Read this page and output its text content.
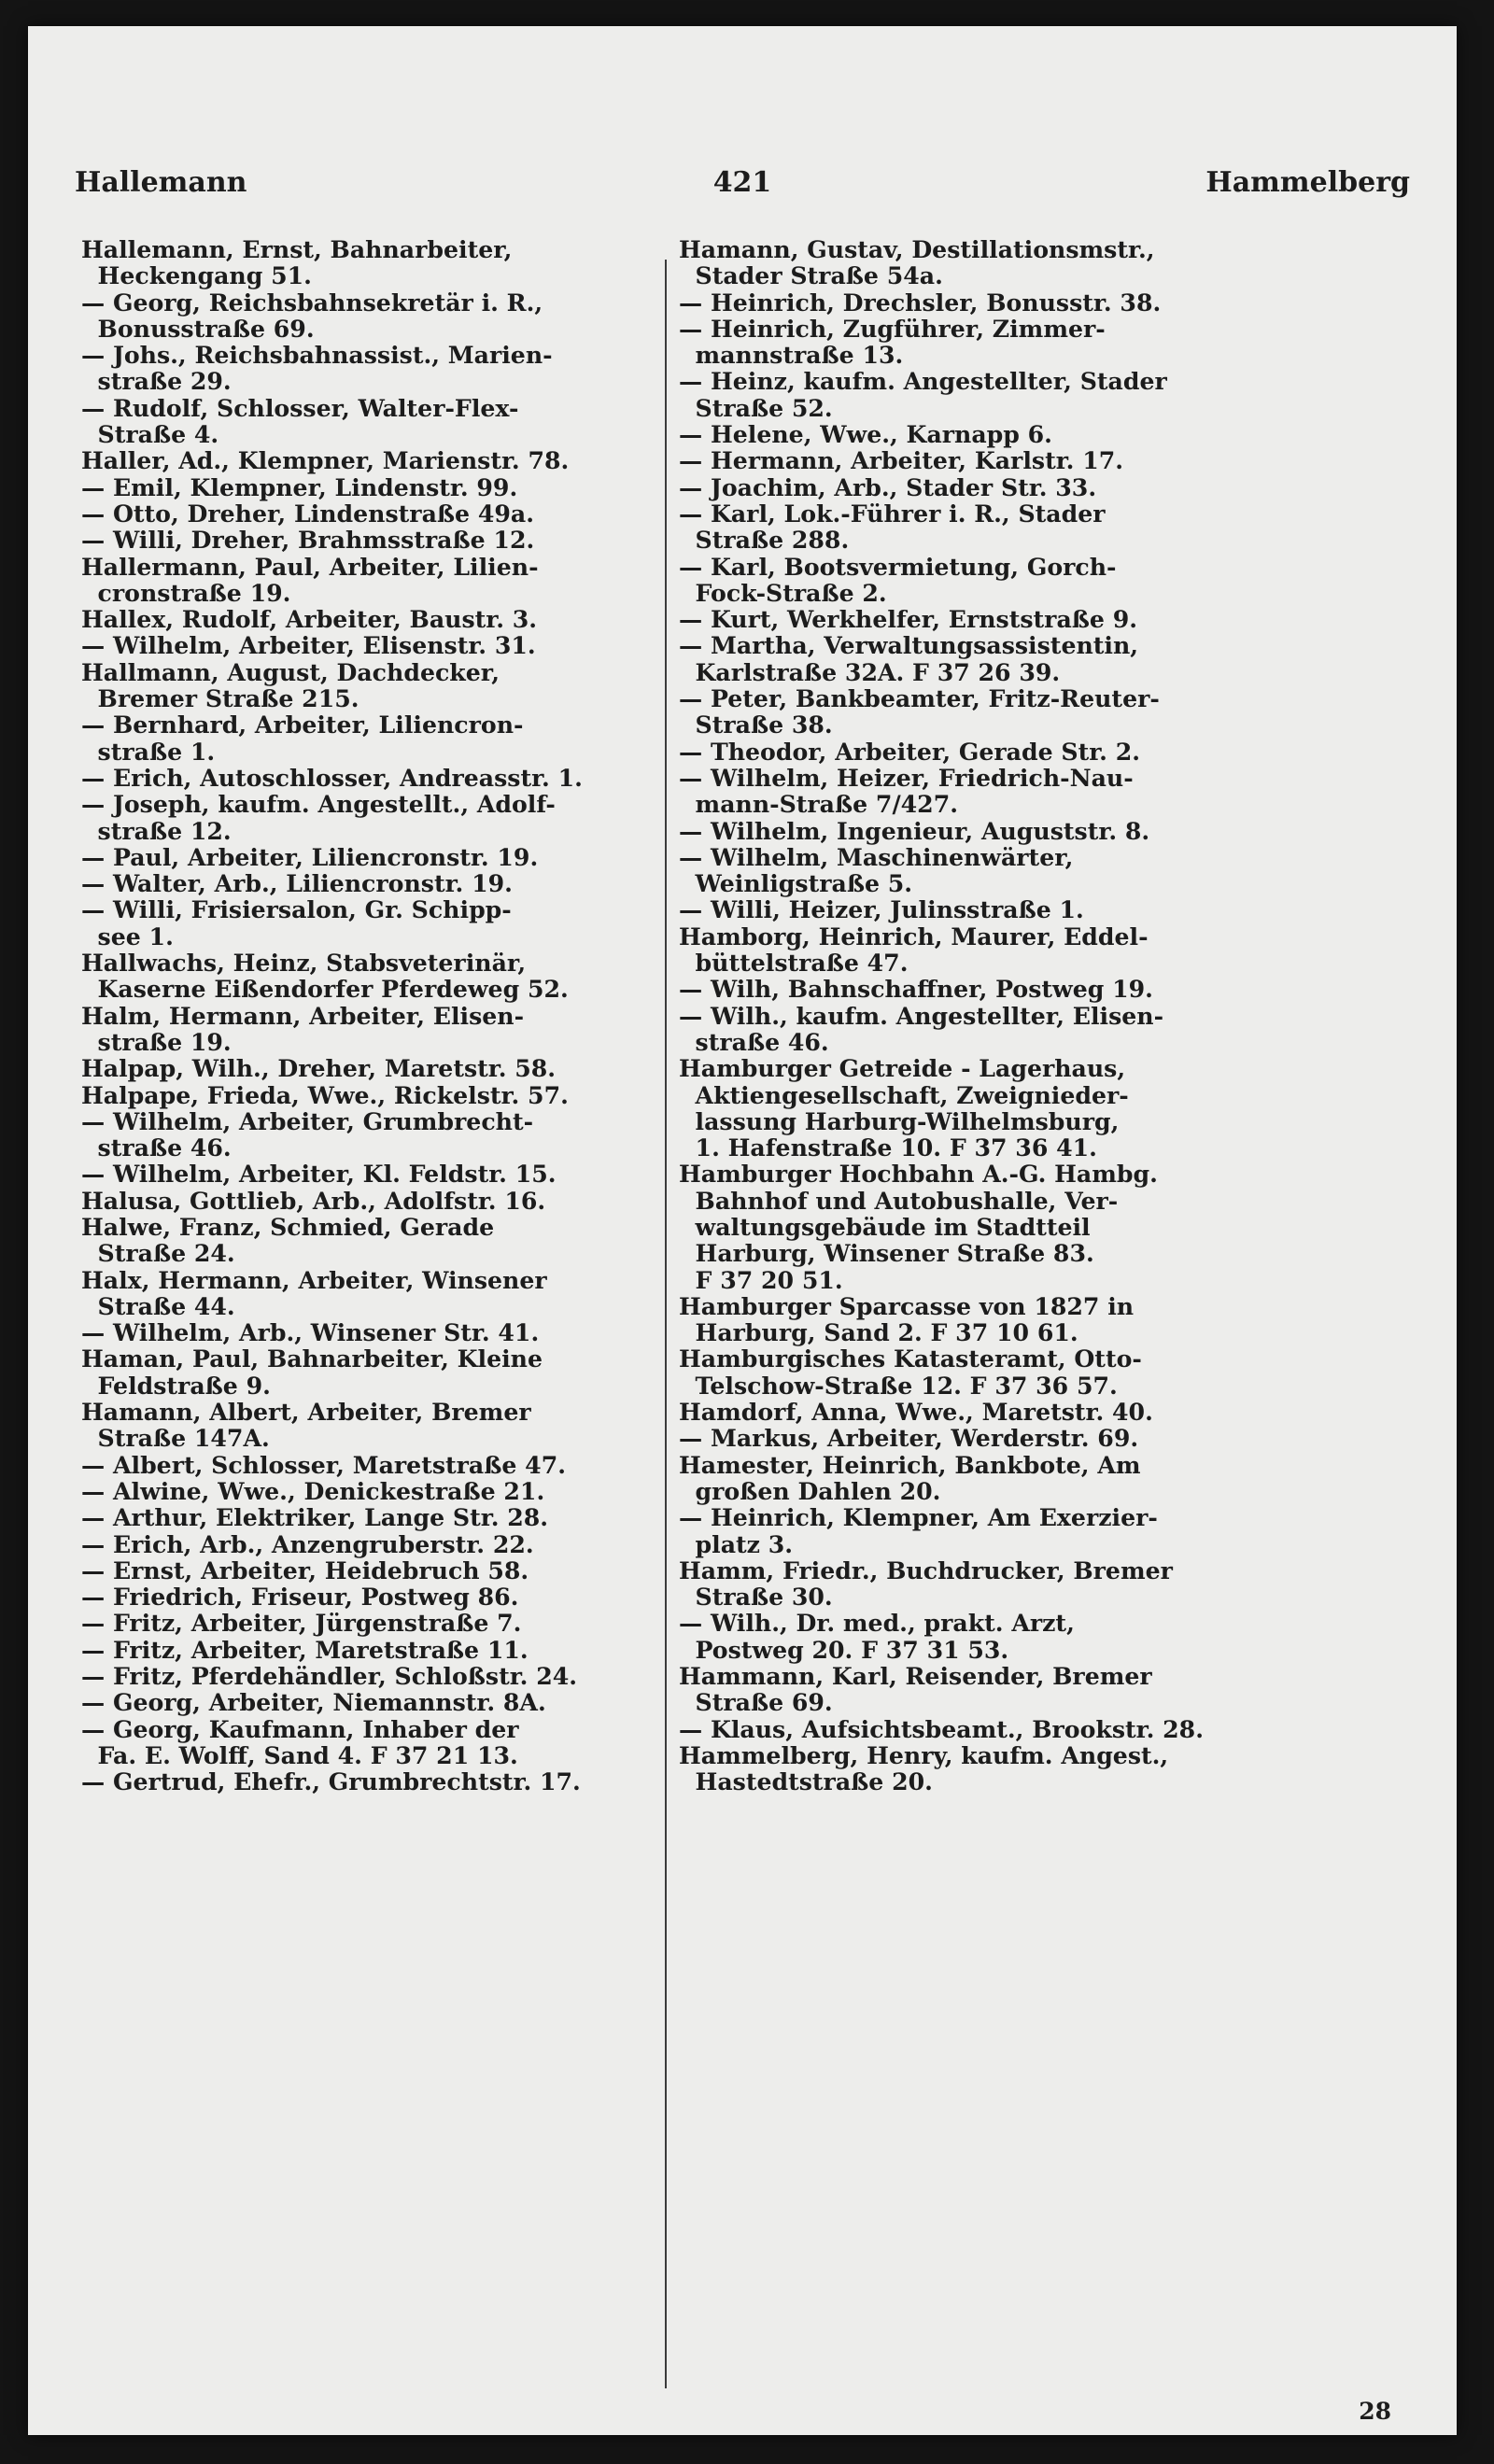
Hallemann	421	Hammelberg
Hallemann, Ernst, Bahnarbeiter,
Heckengang 51.
— Georg, Reichsbahnsekretär i. R.,
Bonusstraße 69.
— Johs., Reichsbahnassist., Marien-
straße 29.
— Rudolf, Schlosser, Walter-Flex-
Straße 4.
Haller, Ad., Klempner, Marienstr. 78.
— Emil, Klempner, Lindenstr. 99.
— Otto, Dreher, Lindenstraße 49a.
— Willi, Dreher, Brahmsstraße 12.
Hallermann, Paul, Arbeiter, Lilien-
cronstraße 19.
Hallex, Rudolf, Arbeiter, Baustr. 3.
— Wilhelm, Arbeiter, Elisenstr. 31.
Hallmann, August, Dachdecker,
Bremer Straße 215.
— Bernhard, Arbeiter, Liliencron-
straße 1.
— Erich, Autoschlosser, Andreasstr. 1.
— Joseph, kaufm. Angestellt., Adolf-
straße 12.
— Paul, Arbeiter, Liliencronstr. 19.
— Walter, Arb., Liliencronstr. 19.
— Willi, Frisiersalon, Gr. Schipp-
see 1.
Hallwachs, Heinz, Stabsveterinär,
Kaserne Eißendorfer Pferdeweg 52.
Halm, Hermann, Arbeiter, Elisen-
straße 19.
Halpap, Wilh., Dreher, Maretstr. 58.
Halpape, Frieda, Wwe., Rickelstr. 57.
— Wilhelm, Arbeiter, Grumbrecht-
straße 46.
— Wilhelm, Arbeiter, Kl. Feldstr. 15.
Halusa, Gottlieb, Arb., Adolfstr. 16.
Halwe, Franz, Schmied, Gerade
Straße 24.
Halx, Hermann, Arbeiter, Winsener
Straße 44.
— Wilhelm, Arb., Winsener Str. 41.
Haman, Paul, Bahnarbeiter, Kleine
Feldstraße 9.
Hamann, Albert, Arbeiter, Bremer
Straße 147A.
— Albert, Schlosser, Maretstraße 47.
— Alwine, Wwe., Denickestraße 21.
— Arthur, Elektriker, Lange Str. 28.
— Erich, Arb., Anzengruberstr. 22.
— Ernst, Arbeiter, Heidebruch 58.
— Friedrich, Friseur, Postweg 86.
— Fritz, Arbeiter, Jürgenstraße 7.
— Fritz, Arbeiter, Maretstraße 11.
— Fritz, Pferdehändler, Schloßstr. 24.
— Georg, Arbeiter, Niemannstr. 8A.
— Georg, Kaufmann, Inhaber der
Fa. E. Wolff, Sand 4. F 37 21 13.
— Gertrud, Ehefr., Grumbrechtstr. 17.
Hamann, Gustav, Destillationsmstr.,
Stader Straße 54a.
— Heinrich, Drechsler, Bonusstr. 38.
— Heinrich, Zugführer, Zimmer-
mannstraße 13.
— Heinz, kaufm. Angestellter, Stader
Straße 52.
— Helene, Wwe., Karnapp 6.
— Hermann, Arbeiter, Karlstr. 17.
— Joachim, Arb., Stader Str. 33.
— Karl, Lok.-Führer i. R., Stader
Straße 288.
— Karl, Bootsvermietung, Gorch-
Fock-Straße 2.
— Kurt, Werkhelfer, Ernststraße 9.
— Martha, Verwaltungsassistentin,
Karlstraße 32A. F 37 26 39.
— Peter, Bankbeamter, Fritz-Reuter-
Straße 38.
— Theodor, Arbeiter, Gerade Str. 2.
— Wilhelm, Heizer, Friedrich-Nau-
mann-Straße 7/427.
— Wilhelm, Ingenieur, Auguststr. 8.
— Wilhelm, Maschinenwärter,
Weinligstraße 5.
— Willi, Heizer, Julinsstraße 1.
Hamborg, Heinrich, Maurer, Eddel-
büttelstraße 47.
— Wilh, Bahnschaffner, Postweg 19.
— Wilh., kaufm. Angestellter, Elisen-
straße 46.
Hamburger Getreide - Lagerhaus,
Aktiengesellschaft, Zweignieder-
lassung Harburg-Wilhelmsburg,
1. Hafenstraße 10. F 37 36 41.
Hamburger Hochbahn A.-G. Hambg.
Bahnhof und Autobushalle, Ver-
waltungsgebäude im Stadtteil
Harburg, Winsener Straße 83.
F 37 20 51.
Hamburger Sparcasse von 1827 in
Harburg, Sand 2. F 37 10 61.
Hamburgisches Katasteramt, Otto-
Telschow-Straße 12. F 37 36 57.
Hamdorf, Anna, Wwe., Maretstr. 40.
— Markus, Arbeiter, Werderstr. 69.
Hamester, Heinrich, Bankbote, Am
großen Dahlen 20.
— Heinrich, Klempner, Am Exerzier-
platz 3.
Hamm, Friedr., Buchdrucker, Bremer
Straße 30.
— Wilh., Dr. med., prakt. Arzt,
Postweg 20. F 37 31 53.
Hammann, Karl, Reisender, Bremer
Straße 69.
— Klaus, Aufsichtsbeamt., Brookstr. 28.
Hammelberg, Henry, kaufm. Angest.,
Hastedtstraße 20.
28
